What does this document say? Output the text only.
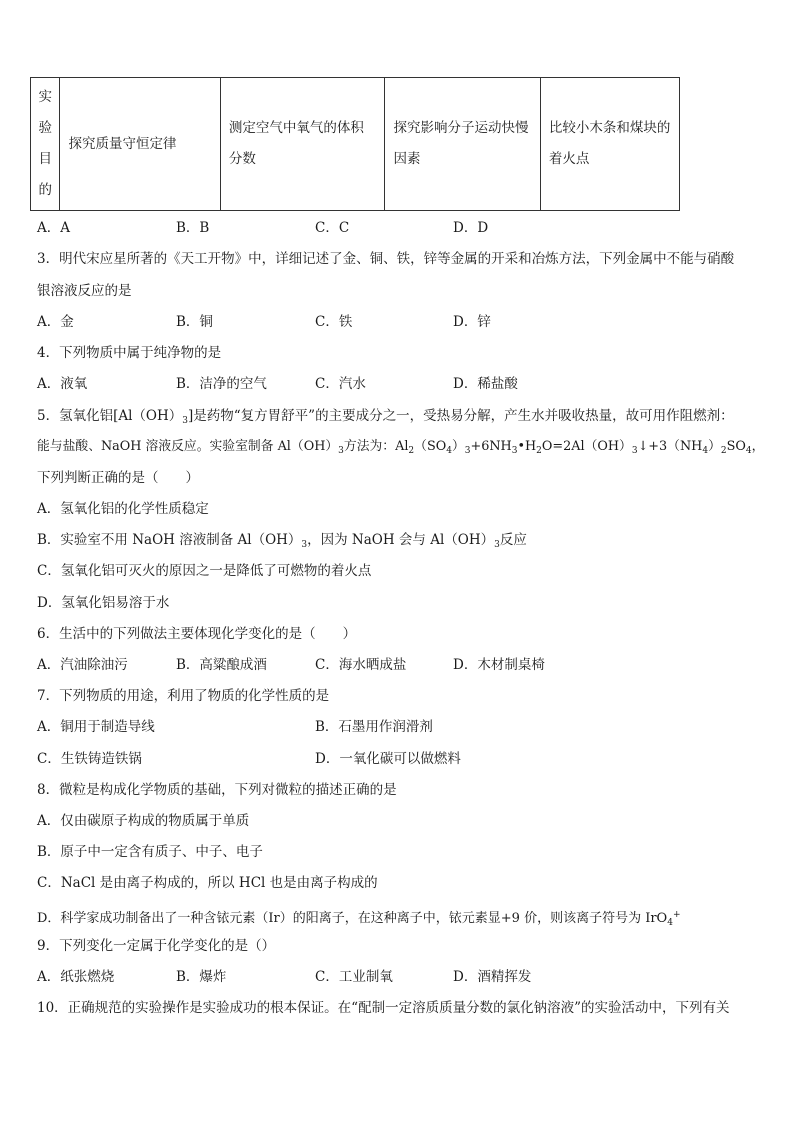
实
验
目
的
	探究质量守恒定律	测定空气中氧气的体积分数	探究影响分子运动快慢因素	比较小木条和煤块的着火点
A．A	B．B	C．C	D．D
3．明代宋应星所著的《天工开物》中，详细记述了金、铜、铁，锌等金属的开采和冶炼方法，下列金属中不能与硝酸
银溶液反应的是
A．金	B．铜	C．铁	D．锌
4．下列物质中属于纯净物的是
A．液氧	B．洁净的空气	C．汽水	D．稀盐酸
5．氢氧化铝$[Al(OH)_3]$是药物“复方胃舒平”的主要成分之一，受热易分解，产生水并吸收热量，故可用作阻燃剂：
能与盐酸、NaOH 溶液反应。实验室制备 $Al(OH)_3$方法为：$Al_2(SO_4)_3+6NH_3•H_2O=2Al(OH)_3↓+3(NH_4)_2SO_4$，
下列判断正确的是（　　）
A．氢氧化铝的化学性质稳定
B．实验室不用 NaOH 溶液制备 $Al(OH)_3$，因为 NaOH 会与 $Al(OH)_3$反应
C．氢氧化铝可灭火的原因之一是降低了可燃物的着火点
D．氢氧化铝易溶于水
6．生活中的下列做法主要体现化学变化的是（　　）
A．汽油除油污	B．高粱酿成酒	C．海水晒成盐	D．木材制桌椅
7．下列物质的用途，利用了物质的化学性质的是
A．铜用于制造导线	B．石墨用作润滑剂
C．生铁铸造铁锅	D．一氧化碳可以做燃料
8．微粒是构成化学物质的基础，下列对微粒的描述正确的是
A．仅由碳原子构成的物质属于单质
B．原子中一定含有质子、中子、电子
C．NaCl 是由离子构成的，所以 HCl 也是由离子构成的
D．科学家成功制备出了一种含铱元素（Ir）的阳离子，在这种离子中，铱元素显+9 价，则该离子符号为 IrO$_4$+
9．下列变化一定属于化学变化的是（）
A．纸张燃烧	B．爆炸	C．工业制氧	D．酒精挥发
10．正确规范的实验操作是实验成功的根本保证。在“配制一定溶质质量分数的氯化钠溶液”的实验活动中，下列有关
